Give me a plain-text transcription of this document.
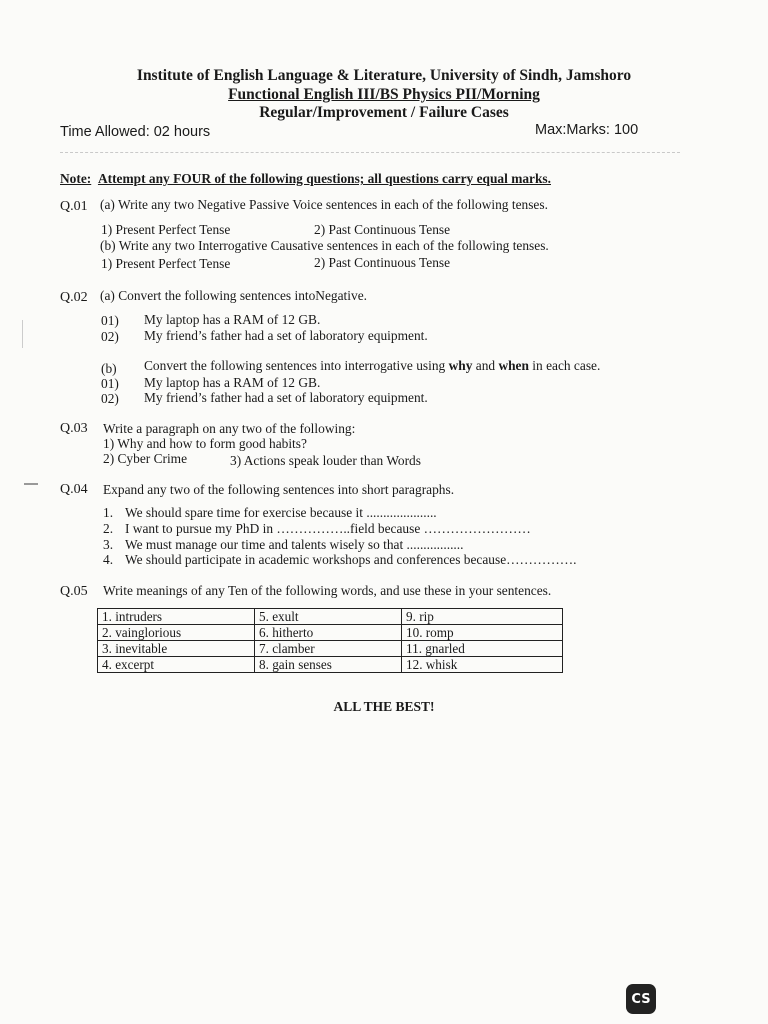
Institute of English Language & Literature, University of Sindh, Jamshoro
Functional English III/BS Physics PII/Morning
Regular/Improvement / Failure Cases
Time Allowed: 02 hours	Max:Marks: 100
Note: Attempt any FOUR of the following questions; all questions carry equal marks.
Q.01 (a) Write any two Negative Passive Voice sentences in each of the following tenses.
1) Present Perfect Tense	2) Past Continuous Tense
(b) Write any two Interrogative Causative sentences in each of the following tenses.
1) Present Perfect Tense	2) Past Continuous Tense
Q.02 (a) Convert the following sentences intoNegative.
01) My laptop has a RAM of 12 GB.
02) My friend’s father had a set of laboratory equipment.
(b) Convert the following sentences into interrogative using why and when in each case.
01) My laptop has a RAM of 12 GB.
02) My friend’s father had a set of laboratory equipment.
Q.03 Write a paragraph on any two of the following:
1) Why and how to form good habits?
2) Cyber Crime	3) Actions speak louder than Words
Q.04 Expand any two of the following sentences into short paragraphs.
1. We should spare time for exercise because it .....................
2. I want to pursue my PhD in ……………..field because ……………………
3. We must manage our time and talents wisely so that .................
4. We should participate in academic workshops and conferences because…………….
Q.05 Write meanings of any Ten of the following words, and use these in your sentences.
1. intruders	5. exult	9. rip
2. vainglorious	6. hitherto	10. romp
3. inevitable	7. clamber	11. gnarled
4. excerpt	8. gain senses	12. whisk
ALL THE BEST!
CS
